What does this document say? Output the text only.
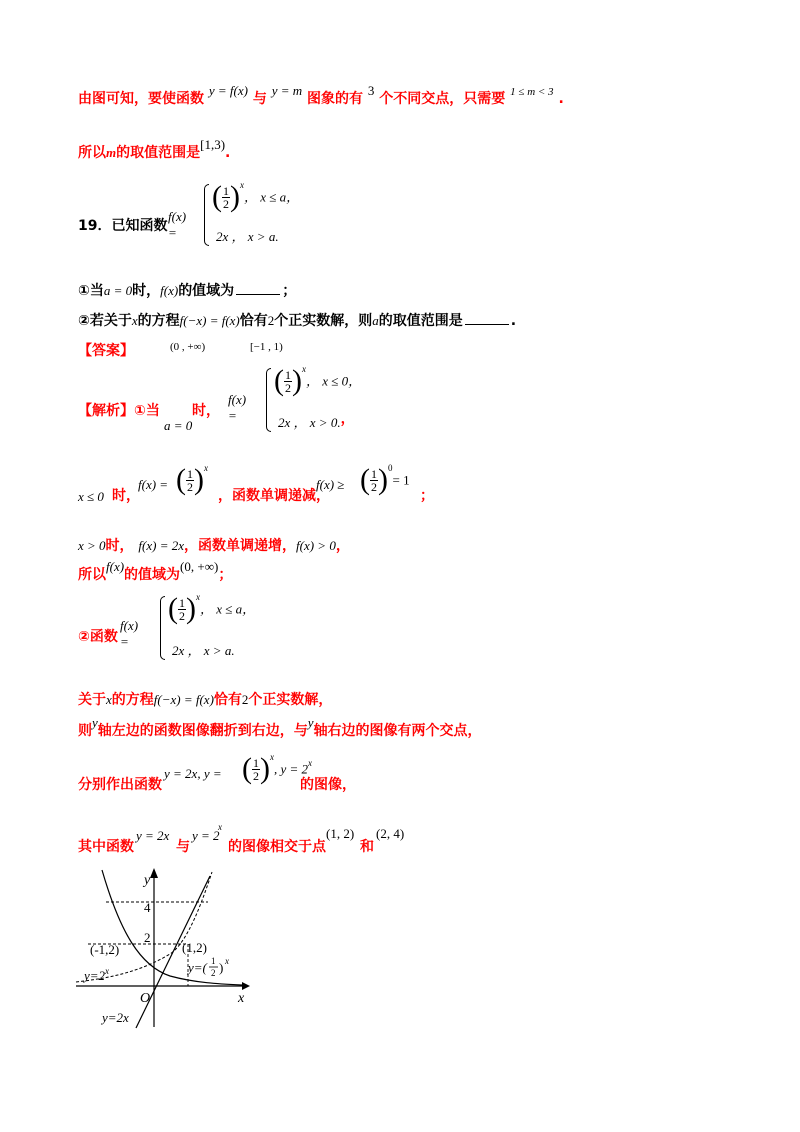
由图可知，要使函数 y = f(x) 与 y = m 图象的有 3 个不同交点，只需要 $^{1 \le m < 3}$ .
所以m的取值范围是[1,3).
19．已知函数
f(x) =
( $\frac{1}{2} )^x$， x ≤ a，
2x ， x > a.
①当a = 0时，f(x)的值域为	；
②若关于x的方程f(−x) = f(x)恰有2个正实数解，则a的取值范围是	.
【答案】	(0 , +∞)	[−1 , 1)
【解析】①当
a = 0
时，
f(x) =
( $\frac{1}{2} )^x$， x ≤ 0，
2x ， x > 0.，
x ≤ 0 时，
f(x) = ( $\frac{1}{2} )^x$
，函数单调递减，
f(x) ≥ ( $\frac{1}{2} )^0= 1$
；
x > 0时， f(x) = 2x，函数单调递增，f(x) > 0，
所以f(x)的值域为(0, +∞)；
②函数
f(x) =
( $\frac{1}{2} )^x$， x ≤ a，
2x ， x > a.
关于x的方程f(−x) = f(x)恰有2个正实数解，
则y轴左边的函数图像翻折到右边，与y轴右边的图像有两个交点，
分别作出函数
y = 2x, y = ( $\frac{1}{2} )^x$, $y = 2^x$
的图像，
其中函数
y = 2x
与
y = 2
x
的图像相交于点
(1, 2)
和
(2, 4)
y
x
O
4
2
(-1,2)	(1,2)
$y=2^x$	y=( 1
2 ) x
y=2x
